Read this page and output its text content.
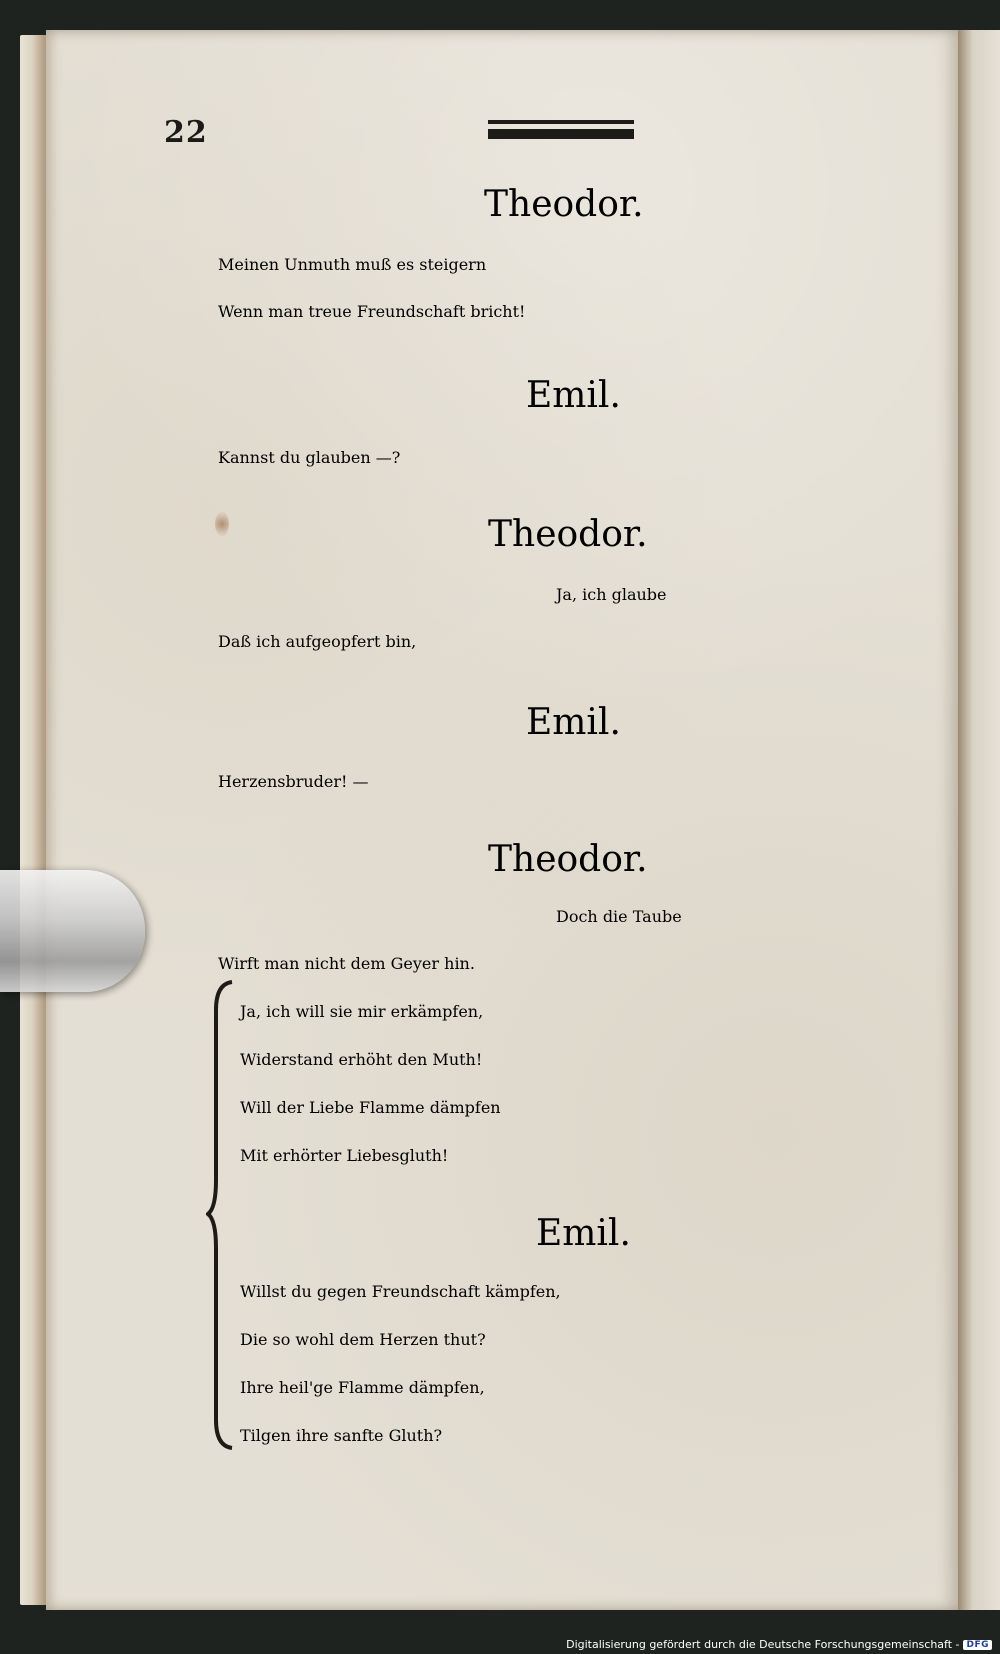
22
Theodor.
Meinen Unmuth muß es steigern
Wenn man treue Freundschaft bricht!
Emil.
Kannst du glauben —?
Theodor.
Ja, ich glaube
Daß ich aufgeopfert bin,
Emil.
Herzensbruder! —
Theodor.
Doch die Taube
Wirft man nicht dem Geyer hin.
Ja, ich will sie mir erkämpfen,
Widerstand erhöht den Muth!
Will der Liebe Flamme dämpfen
Mit erhörter Liebesgluth!
Emil.
Willst du gegen Freundschaft kämpfen,
Die so wohl dem Herzen thut?
Ihre heil'ge Flamme dämpfen,
Tilgen ihre sanfte Gluth?
Digitalisierung gefördert durch die Deutsche Forschungsgemeinschaft - DFG
